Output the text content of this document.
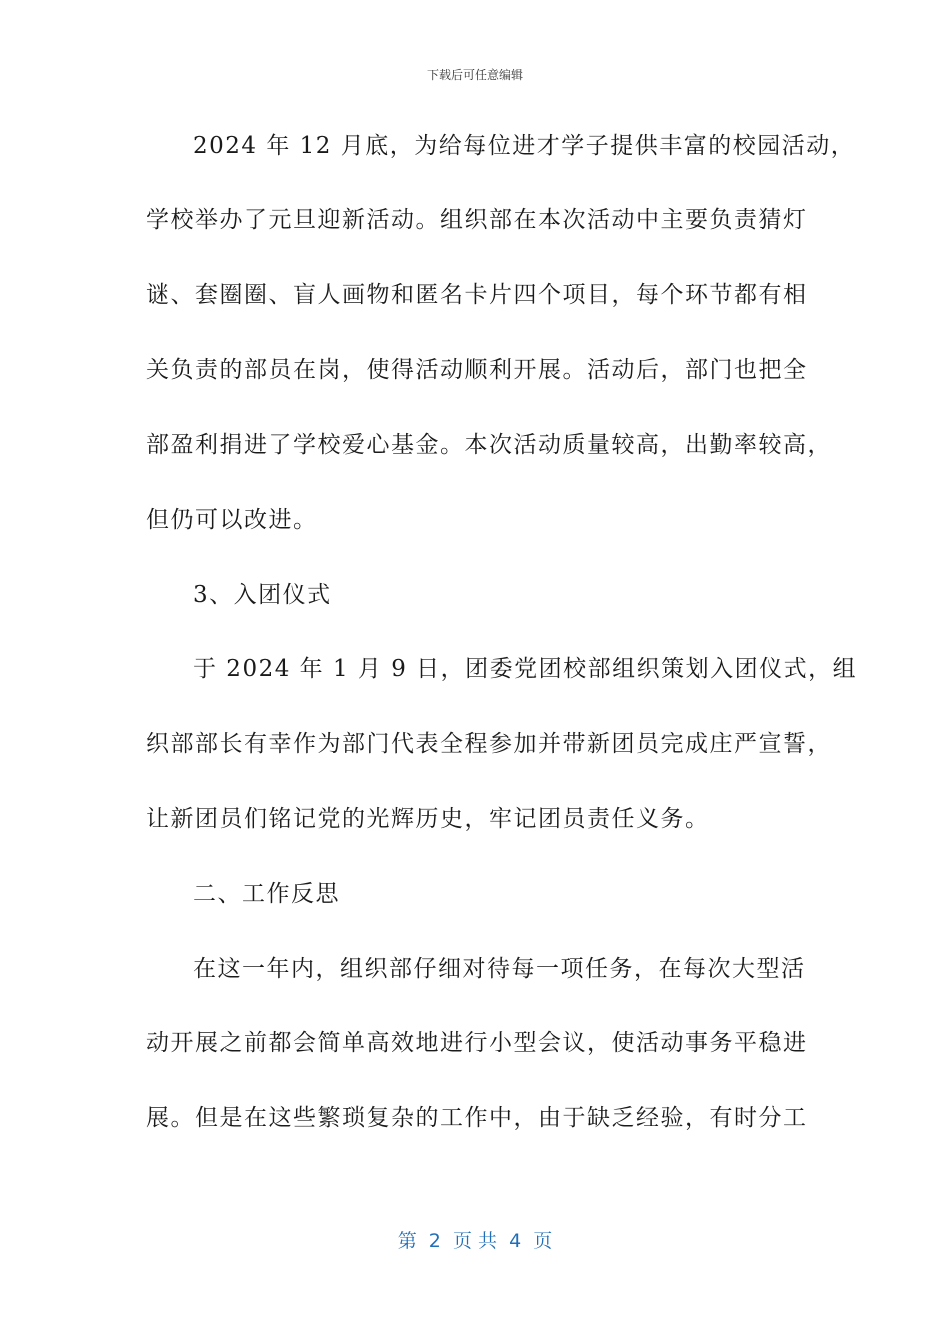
下载后可任意编辑
2024 年 12 月底，为给每位进才学子提供丰富的校园活动，
学校举办了元旦迎新活动。组织部在本次活动中主要负责猜灯
谜、套圈圈、盲人画物和匿名卡片四个项目，每个环节都有相
关负责的部员在岗，使得活动顺利开展。活动后，部门也把全
部盈利捐进了学校爱心基金。本次活动质量较高，出勤率较高，
但仍可以改进。
3、入团仪式
于 2024 年 1 月 9 日，团委党团校部组织策划入团仪式，组
织部部长有幸作为部门代表全程参加并带新团员完成庄严宣誓，
让新团员们铭记党的光辉历史，牢记团员责任义务。
二、工作反思
在这一年内，组织部仔细对待每一项任务，在每次大型活
动开展之前都会简单高效地进行小型会议，使活动事务平稳进
展。但是在这些繁琐复杂的工作中，由于缺乏经验，有时分工
第  2  页 共  4  页
